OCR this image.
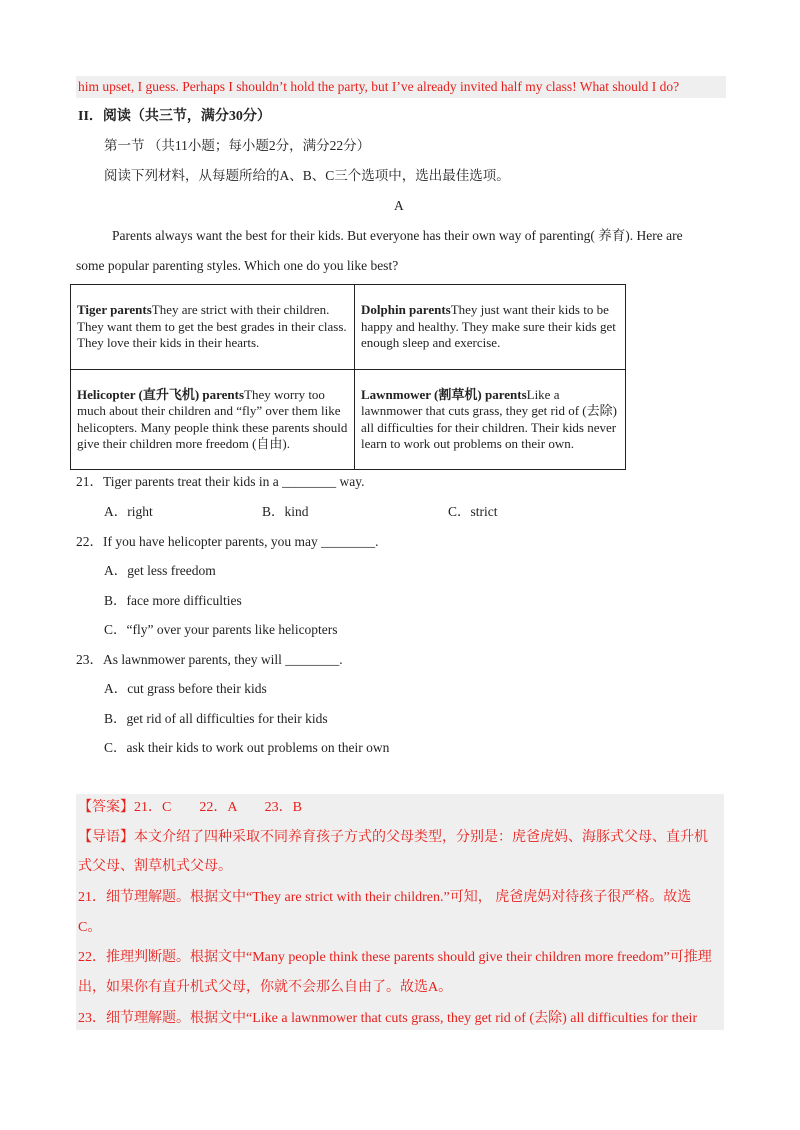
him upset, I guess. Perhaps I shouldn’t hold the party, but I’ve already invited half my class! What should I do?
II．阅读（共三节，满分30分）
第一节 （共11小题；每小题2分，满分22分）
阅读下列材料，从每题所给的A、B、C三个选项中，选出最佳选项。
A
Parents always want the best for their kids. But everyone has their own way of parenting( 养育). Here are
some popular parenting styles. Which one do you like best?
Tiger parentsThey are strict with their children. They want them to get the best grades in their class. They love their kids in their hearts.
Dolphin parentsThey just want their kids to be happy and healthy. They make sure their kids get enough sleep and exercise.
Helicopter (直升飞机) parentsThey worry too much about their children and “fly” over them like helicopters. Many people think these parents should give their children more freedom (自由).
Lawnmower (割草机) parentsLike a lawnmower that cuts grass, they get rid of (去除) all difficulties for their children. Their kids never learn to work out problems on their own.
21．Tiger parents treat their kids in a ________ way.
A．right	B．kind	C．strict
22．If you have helicopter parents, you may ________.
A．get less freedom
B．face more difficulties
C．“fly” over your parents like helicopters
23．As lawnmower parents, they will ________.
A．cut grass before their kids
B．get rid of all difficulties for their kids
C．ask their kids to work out problems on their own
【答案】21．C　　22．A　　23．B
【导语】本文介绍了四种采取不同养育孩子方式的父母类型，分别是：虎爸虎妈、海豚式父母、直升机
式父母、割草机式父母。
21．细节理解题。根据文中“They are strict with their children.”可知， 虎爸虎妈对待孩子很严格。故选
C。
22．推理判断题。根据文中“Many people think these parents should give their children more freedom”可推理
出，如果你有直升机式父母，你就不会那么自由了。故选A。
23．细节理解题。根据文中“Like a lawnmower that cuts grass, they get rid of (去除) all difficulties for their
